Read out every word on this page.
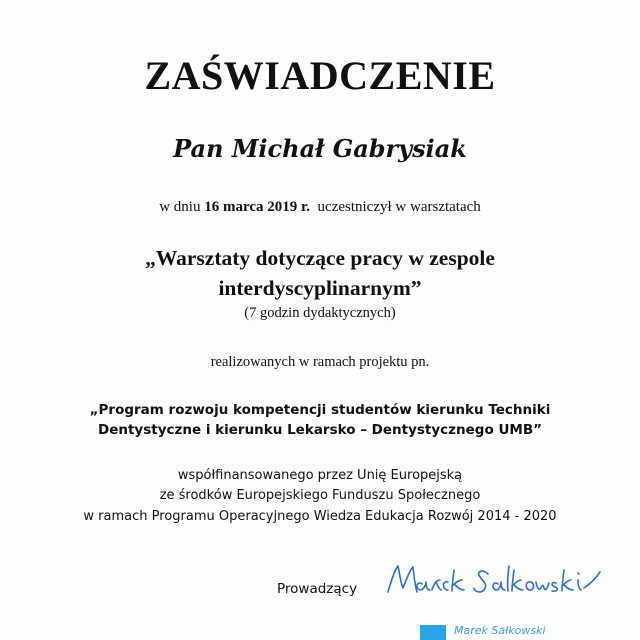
ZAŚWIADCZENIE
Pan Michał Gabrysiak
w dniu 16 marca 2019 r. uczestniczył w warsztatach
„Warsztaty dotyczące pracy w zespole
interdyscyplinarnym”
(7 godzin dydaktycznych)
realizowanych w ramach projektu pn.
„Program rozwoju kompetencji studentów kierunku Techniki
Dentystyczne i kierunku Lekarsko – Dentystycznego UMB”
współfinansowanego przez Unię Europejską
ze środków Europejskiego Funduszu Społecznego
w ramach Programu Operacyjnego Wiedza Edukacja Rozwój 2014 - 2020
Prowadzący
Marek Sałkowski
